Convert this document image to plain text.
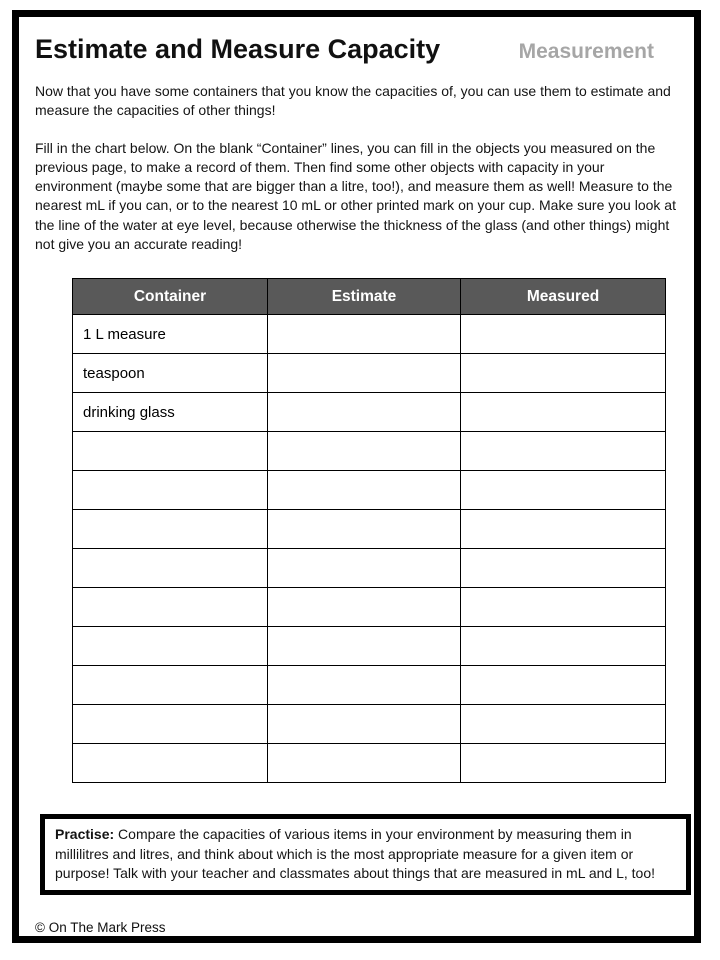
Estimate and Measure Capacity	Measurement
Now that you have some containers that you know the capacities of, you can use them to estimate and measure the capacities of other things!
Fill in the chart below. On the blank “Container” lines, you can fill in the objects you measured on the previous page, to make a record of them. Then find some other objects with capacity in your environment (maybe some that are bigger than a litre, too!), and measure them as well! Measure to the nearest mL if you can, or to the nearest 10 mL or other printed mark on your cup. Make sure you look at the line of the water at eye level, because otherwise the thickness of the glass (and other things) might not give you an accurate reading!
Container	Estimate	Measured
1 L measure		
teaspoon		
drinking glass		

Practise: Compare the capacities of various items in your environment by measuring them in millilitres and litres, and think about which is the most appropriate measure for a given item or purpose! Talk with your teacher and classmates about things that are measured in mL and L, too!
© On The Mark Press
